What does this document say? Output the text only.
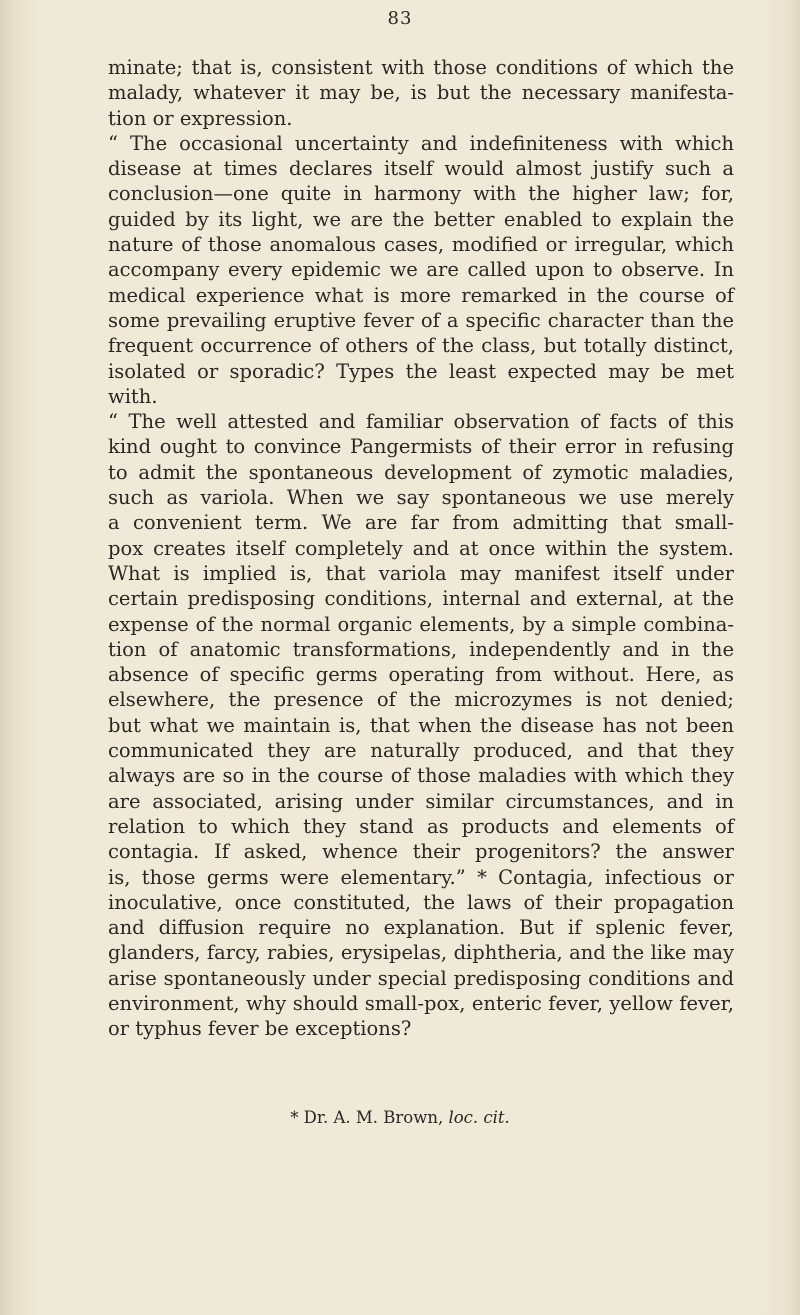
83
minate; that is, consistent with those conditions of which the
malady, whatever it may be, is but the necessary manifesta-
tion or expression.
“ The occasional uncertainty and indefiniteness with which
disease at times declares itself would almost justify such a
conclusion—one quite in harmony with the higher law; for,
guided by its light, we are the better enabled to explain the
nature of those anomalous cases, modified or irregular, which
accompany every epidemic we are called upon to observe. In
medical experience what is more remarked in the course of
some prevailing eruptive fever of a specific character than the
frequent occurrence of others of the class, but totally distinct,
isolated or sporadic? Types the least expected may be met
with.
“ The well attested and familiar observation of facts of this
kind ought to convince Pangermists of their error in refusing
to admit the spontaneous development of zymotic maladies,
such as variola. When we say spontaneous we use merely
a convenient term. We are far from admitting that small-
pox creates itself completely and at once within the system.
What is implied is, that variola may manifest itself under
certain predisposing conditions, internal and external, at the
expense of the normal organic elements, by a simple combina-
tion of anatomic transformations, independently and in the
absence of specific germs operating from without. Here, as
elsewhere, the presence of the microzymes is not denied;
but what we maintain is, that when the disease has not been
communicated they are naturally produced, and that they
always are so in the course of those maladies with which they
are associated, arising under similar circumstances, and in
relation to which they stand as products and elements of
contagia. If asked, whence their progenitors? the answer
is, those germs were elementary.” * Contagia, infectious or
inoculative, once constituted, the laws of their propagation
and diffusion require no explanation. But if splenic fever,
glanders, farcy, rabies, erysipelas, diphtheria, and the like may
arise spontaneously under special predisposing conditions and
environment, why should small-pox, enteric fever, yellow fever,
or typhus fever be exceptions?
* Dr. A. M. Brown, loc. cit.
